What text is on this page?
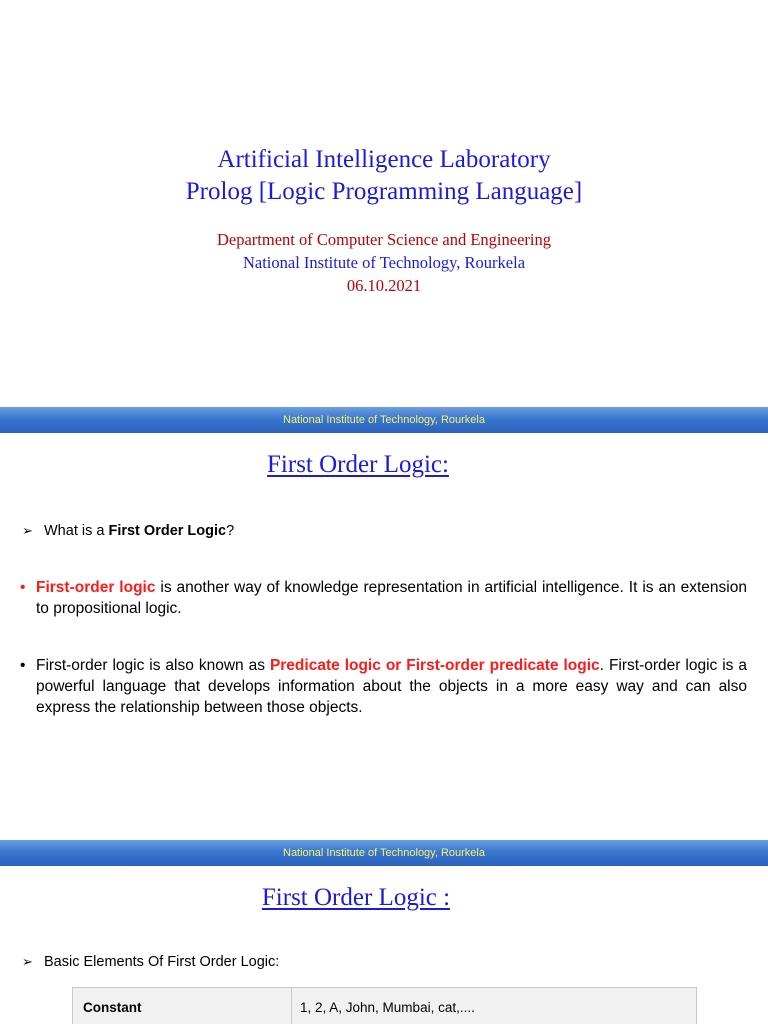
Artificial Intelligence Laboratory
Prolog [Logic Programming Language]
Department of Computer Science and Engineering
National Institute of Technology, Rourkela
06.10.2021
National Institute of Technology, Rourkela
First Order Logic:
➢ What is a First Order Logic?
• First-order logic is another way of knowledge representation in artificial intelligence. It is an extension to propositional logic.
• First-order logic is also known as Predicate logic or First-order predicate logic. First-order logic is a powerful language that develops information about the objects in a more easy way and can also express the relationship between those objects.
National Institute of Technology, Rourkela
First Order Logic :
➢ Basic Elements Of First Order Logic:
Constant	1, 2, A, John, Mumbai, cat,....
